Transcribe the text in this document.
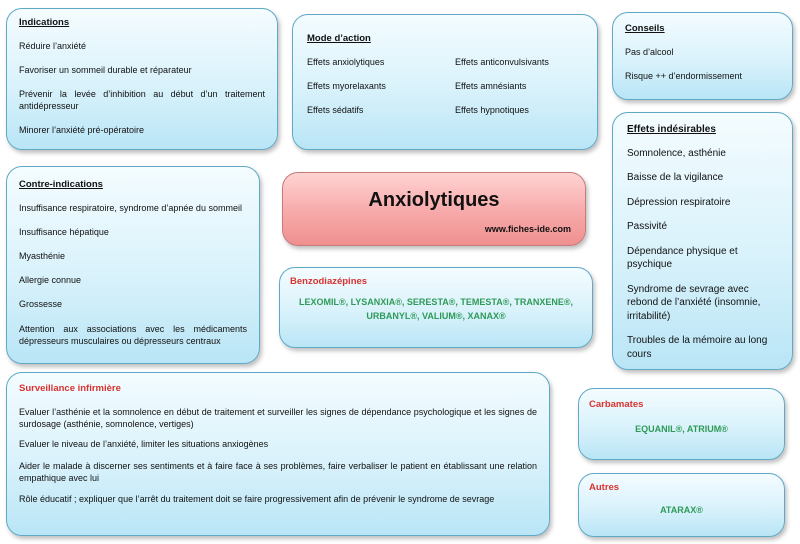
Indications
Réduire l’anxiété
Favoriser un sommeil durable et réparateur
Prévenir la levée d’inhibition au début d’un traitement antidépresseur
Minorer l’anxiété pré-opératoire
Mode d’action
Effets anxiolytiques
Effets myorelaxants
Effets sédatifs
Effets anticonvulsivants
Effets amnésiants
Effets hypnotiques
Conseils
Pas d’alcool
Risque ++ d’endormissement
Contre-indications
Insuffisance respiratoire, syndrome d’apnée du sommeil
Insuffisance hépatique
Myasthénie
Allergie connue
Grossesse
Attention aux associations avec les médicaments dépresseurs musculaires ou dépresseurs centraux
Anxiolytiques
www.fiches-ide.com
Benzodiazépines
LEXOMIL®, LYSANXIA®, SERESTA®, TEMESTA®, TRANXENE®, URBANYL®, VALIUM®, XANAX®
Effets indésirables
Somnolence, asthénie
Baisse de la vigilance
Dépression respiratoire
Passivité
Dépendance physique et psychique
Syndrome de sevrage avec rebond de l’anxiété (insomnie, irritabilité)
Troubles de la mémoire au long cours
Surveillance infirmière
Evaluer l’asthénie et la somnolence en début de traitement et surveiller les signes de dépendance psychologique et les signes de surdosage (asthénie, somnolence, vertiges)
Evaluer le niveau de l’anxiété, limiter les situations anxiogènes
Aider le malade à discerner ses sentiments et à faire face à ses problèmes, faire verbaliser le patient en établissant une relation empathique avec lui
Rôle éducatif ; expliquer que l’arrêt du traitement doit se faire progressivement afin de prévenir le syndrome de sevrage
Carbamates
EQUANIL®, ATRIUM®
Autres
ATARAX®
